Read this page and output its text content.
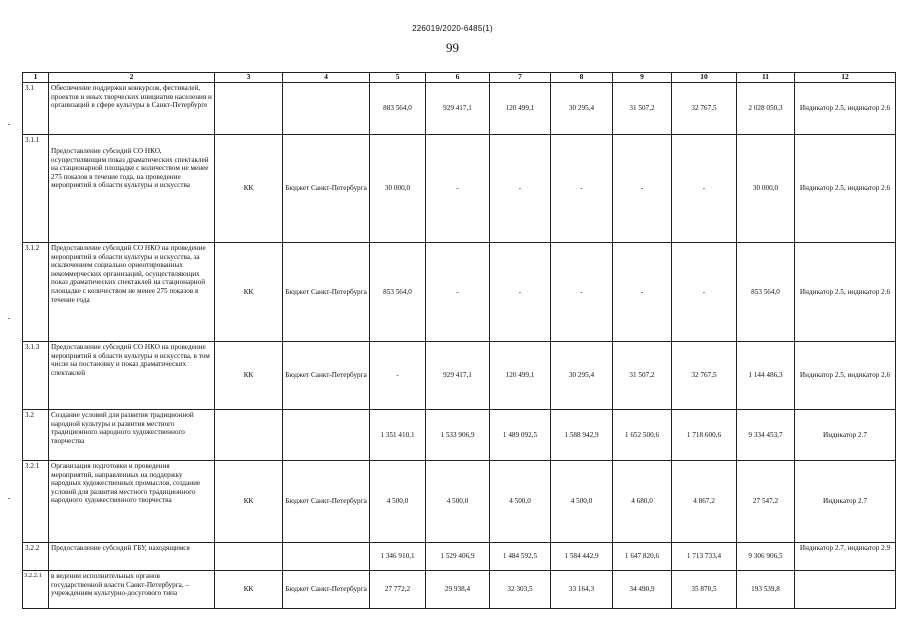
226019/2020-6485(1)
99
1	2	3	4	5	6	7	8	9	10	11	12
3.1	Обеспечение поддержки конкурсов, фестивалей, проектов и иных творческих инициатив населения и организаций в сфере культуры в Санкт-Петербурге			883 564,0	929 417,1	120 499,1	30 295,4	31 507,2	32 767,5	2 028 050,3	Индикатор 2.5, индикатор 2.6
3.1.1	Предоставление субсидий СО НКО, осуществляющим показ драматических спектаклей на стационарной площадке с количеством не менее 275 показов в течение года, на проведение мероприятий в области культуры и искусства	КК	Бюджет Санкт-Петербурга	30 000,0	-	-	-	-	-	30 000,0	Индикатор 2.5, индикатор 2.6
3.1.2	Предоставление субсидий СО НКО на проведение мероприятий в области культуры и искусства, за исключением социально ориентированных некоммерческих организаций, осуществляющих показ драматических спектаклей на стационарной площадке с количеством не менее 275 показов в течение года	КК	Бюджет Санкт-Петербурга	853 564,0	-	-	-	-	-	853 564,0	Индикатор 2.5, индикатор 2.6
3.1.3	Предоставление субсидий СО НКО на проведение мероприятий в области культуры и искусства, в том числе на постановку и показ драматических спектаклей	КК	Бюджет Санкт-Петербурга	-	929 417,1	120 499,1	30 295,4	31 507,2	32 767,5	1 144 486,3	Индикатор 2.5, индикатор 2.6
3.2	Создание условий для развития традиционной народной культуры и развития местного традиционного народного художественного творчества			1 351 410,1	1 533 906,9	1 489 092,5	1 588 942,9	1 652 500,6	1 718 600,6	9 334 453,7	Индикатор 2.7
3.2.1	Организация подготовки и проведения мероприятий, направленных на поддержку народных художественных промыслов, создание условий для развития местного традиционного народного художественного творчества	КК	Бюджет Санкт-Петербурга	4 500,0	4 500,0	4 500,0	4 500,0	4 680,0	4 867,2	27 547,2	Индикатор 2.7
3.2.2	Предоставление субсидий ГБУ, находящимся			1 346 910,1	1 529 406,9	1 484 592,5	1 584 442,9	1 647 820,6	1 713 733,4	9 306 906,5	Индикатор 2.7, индикатор 2.9
3.2.2.1	в ведении исполнительных органов государственной власти Санкт-Петербурга, – учреждениям культурно-досугового типа	КК	Бюджет Санкт-Петербурга	27 772,2	29 938,4	32 303,5	33 164,3	34 490,9	35 870,5	193 539,8	
